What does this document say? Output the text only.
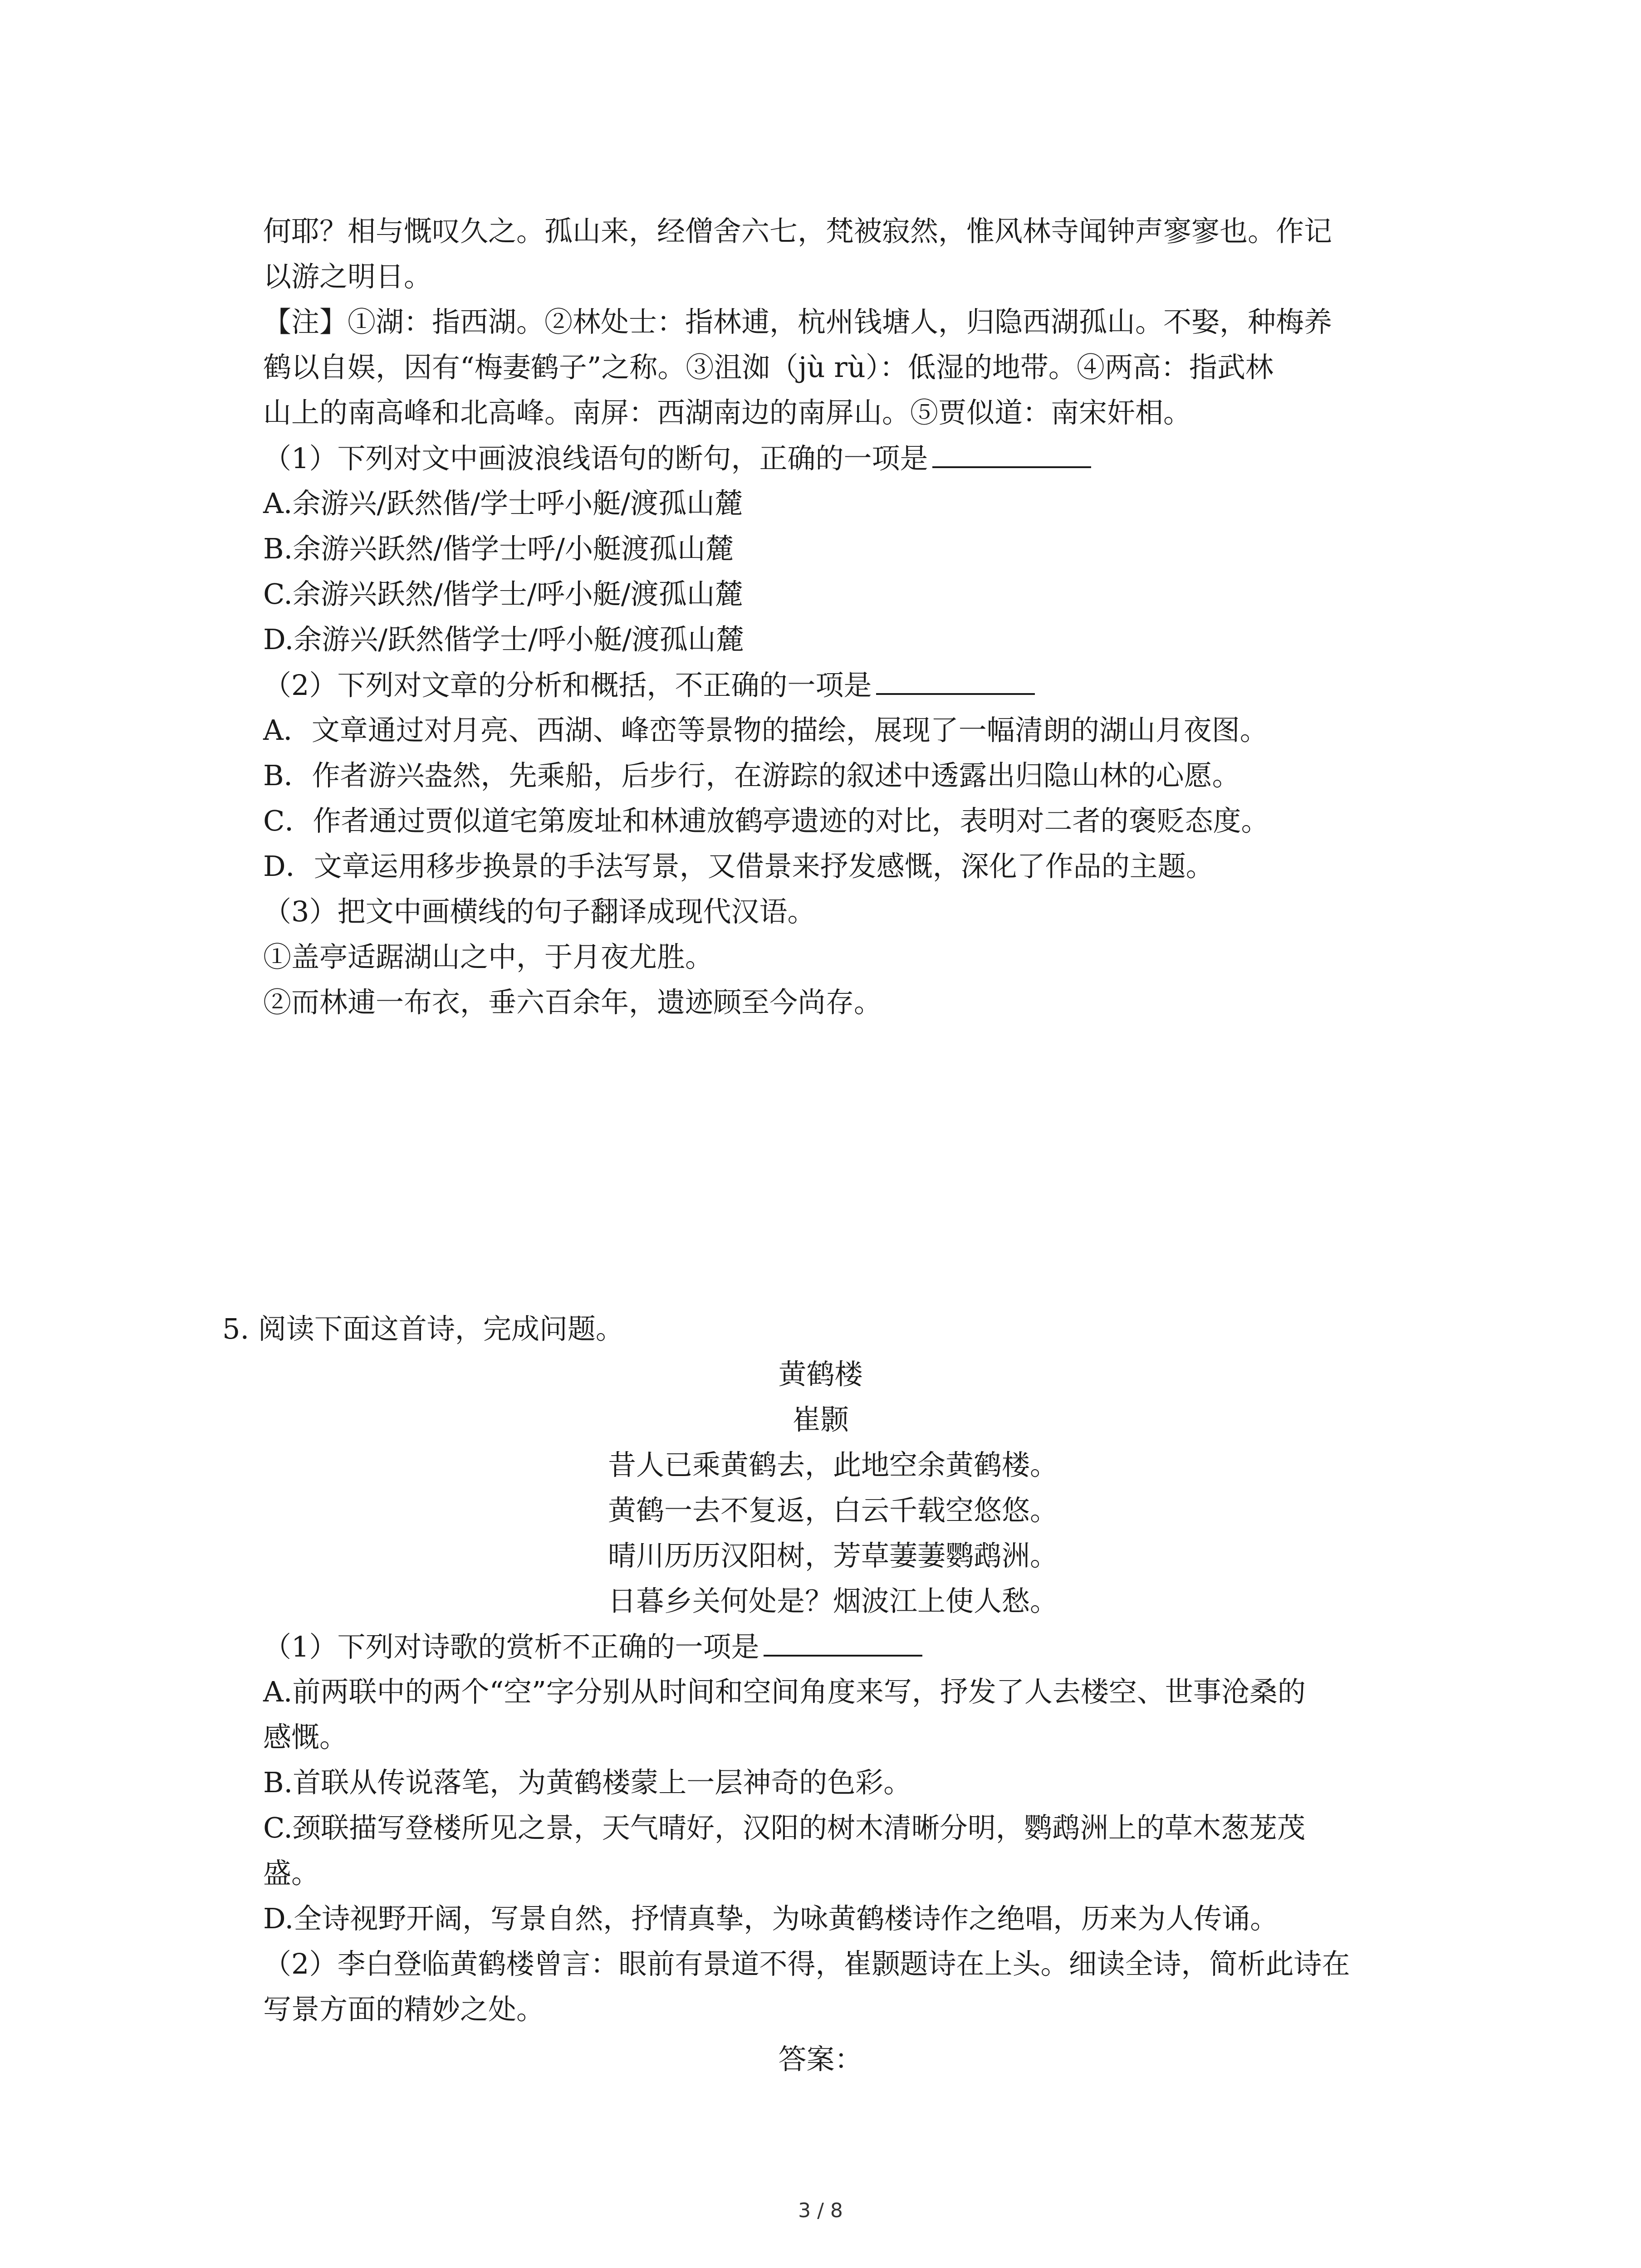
何耶？相与慨叹久之。孤山来，经僧舍六七，梵被寂然，惟风林寺闻钟声寥寥也。作记
以游之明日。
【注】①湖：指西湖。②林处士：指林逋，杭州钱塘人，归隐西湖孤山。不娶，种梅养
鹤以自娱，因有“梅妻鹤子”之称。③沮洳（jù rù）：低湿的地带。④两高：指武林
山上的南高峰和北高峰。南屏：西湖南边的南屏山。⑤贾似道：南宋奸相。
（1）下列对文中画波浪线语句的断句，正确的一项是
A.余游兴/跃然偕/学士呼小艇/渡孤山麓
B.余游兴跃然/偕学士呼/小艇渡孤山麓
C.余游兴跃然/偕学士/呼小艇/渡孤山麓
D.余游兴/跃然偕学士/呼小艇/渡孤山麓
（2）下列对文章的分析和概括，不正确的一项是
A．文章通过对月亮、西湖、峰峦等景物的描绘，展现了一幅清朗的湖山月夜图。
B．作者游兴盎然，先乘船，后步行，在游踪的叙述中透露出归隐山林的心愿。
C．作者通过贾似道宅第废址和林逋放鹤亭遗迹的对比，表明对二者的褒贬态度。
D．文章运用移步换景的手法写景，又借景来抒发感慨，深化了作品的主题。
（3）把文中画横线的句子翻译成现代汉语。
①盖亭适踞湖山之中，于月夜尤胜。
②而林逋一布衣，垂六百余年，遗迹顾至今尚存。
5. 阅读下面这首诗，完成问题。
黄鹤楼
崔颢
昔人已乘黄鹤去，此地空余黄鹤楼。
黄鹤一去不复返，白云千载空悠悠。
晴川历历汉阳树，芳草萋萋鹦鹉洲。
日暮乡关何处是？烟波江上使人愁。
（1）下列对诗歌的赏析不正确的一项是
A.前两联中的两个“空”字分别从时间和空间角度来写，抒发了人去楼空、世事沧桑的
感慨。
B.首联从传说落笔，为黄鹤楼蒙上一层神奇的色彩。
C.颈联描写登楼所见之景，天气晴好，汉阳的树木清晰分明，鹦鹉洲上的草木葱茏茂
盛。
D.全诗视野开阔，写景自然，抒情真挚，为咏黄鹤楼诗作之绝唱，历来为人传诵。
（2）李白登临黄鹤楼曾言：眼前有景道不得，崔颢题诗在上头。细读全诗，简析此诗在
写景方面的精妙之处。
答案：
3 / 8
